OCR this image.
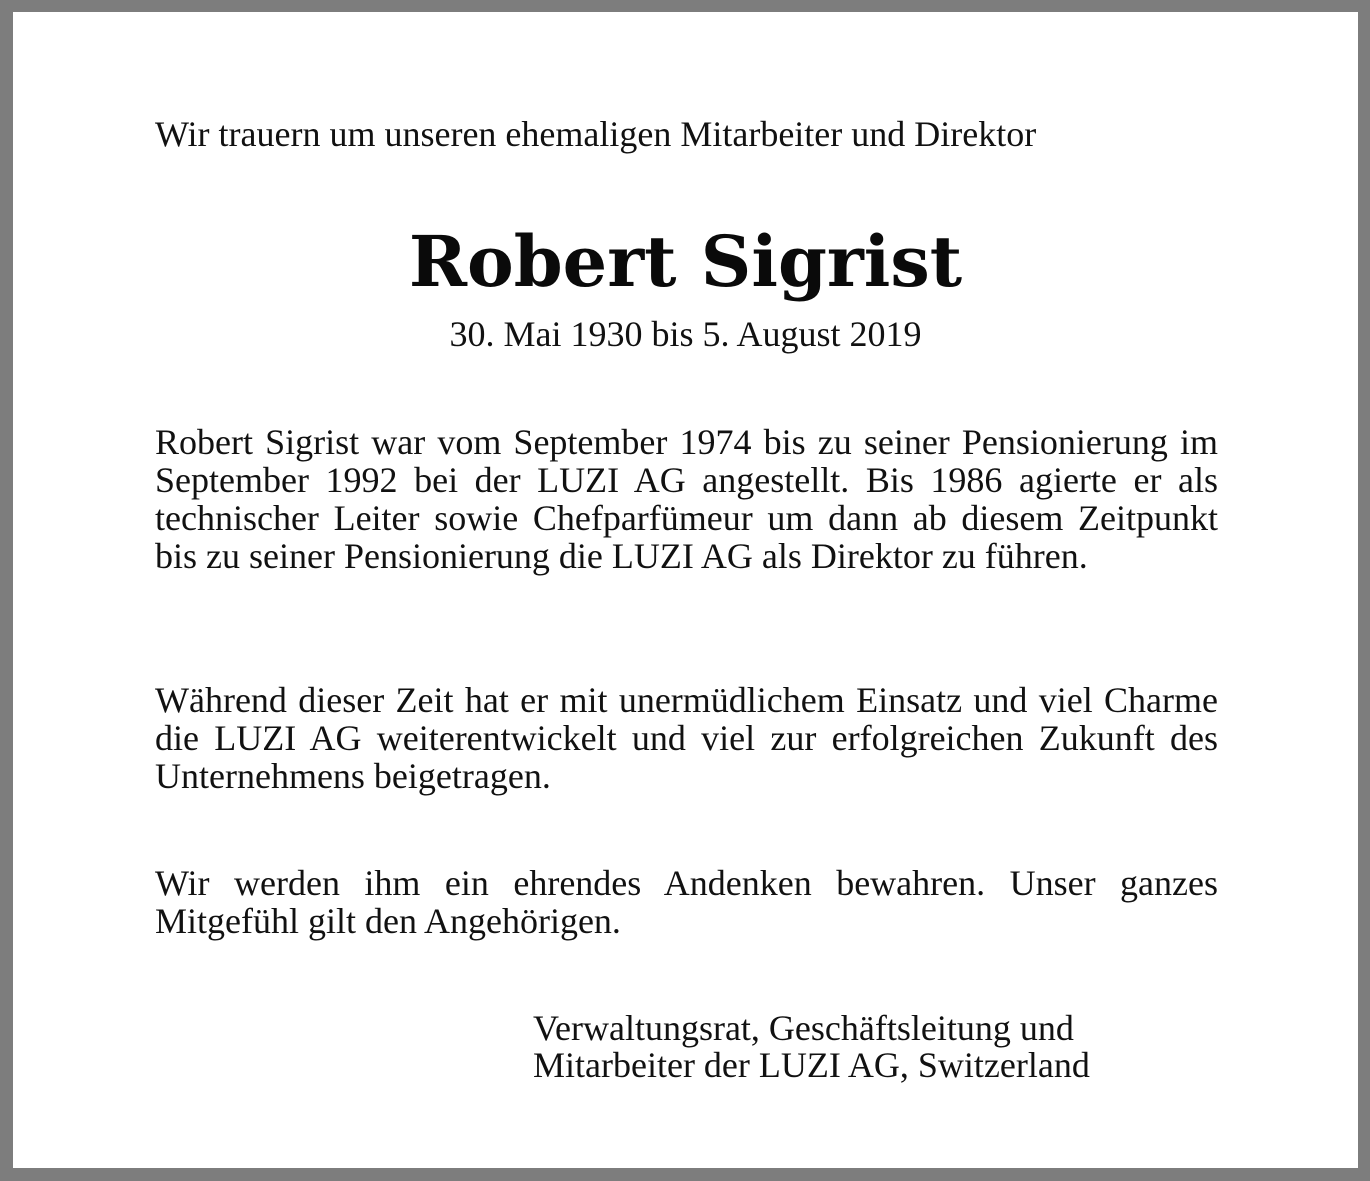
Wir trauern um unseren ehemaligen Mitarbeiter und Direktor

Robert Sigrist

30. Mai 1930 bis 5. August 2019

Robert Sigrist war vom September 1974 bis zu seiner Pensionierung im September 1992 bei der LUZI AG angestellt. Bis 1986 agierte er als technischer Leiter sowie Chefparfümeur um dann ab diesem Zeitpunkt bis zu seiner Pensionierung die LUZI AG als Direktor zu führen.

Während dieser Zeit hat er mit unermüdlichem Einsatz und viel Charme die LUZI AG weiterentwickelt und viel zur erfolgreichen Zukunft des Unternehmens beigetragen.

Wir werden ihm ein ehrendes Andenken bewahren. Unser ganzes Mitgefühl gilt den Angehörigen.

Verwaltungsrat, Geschäftsleitung und
Mitarbeiter der LUZI AG, Switzerland
